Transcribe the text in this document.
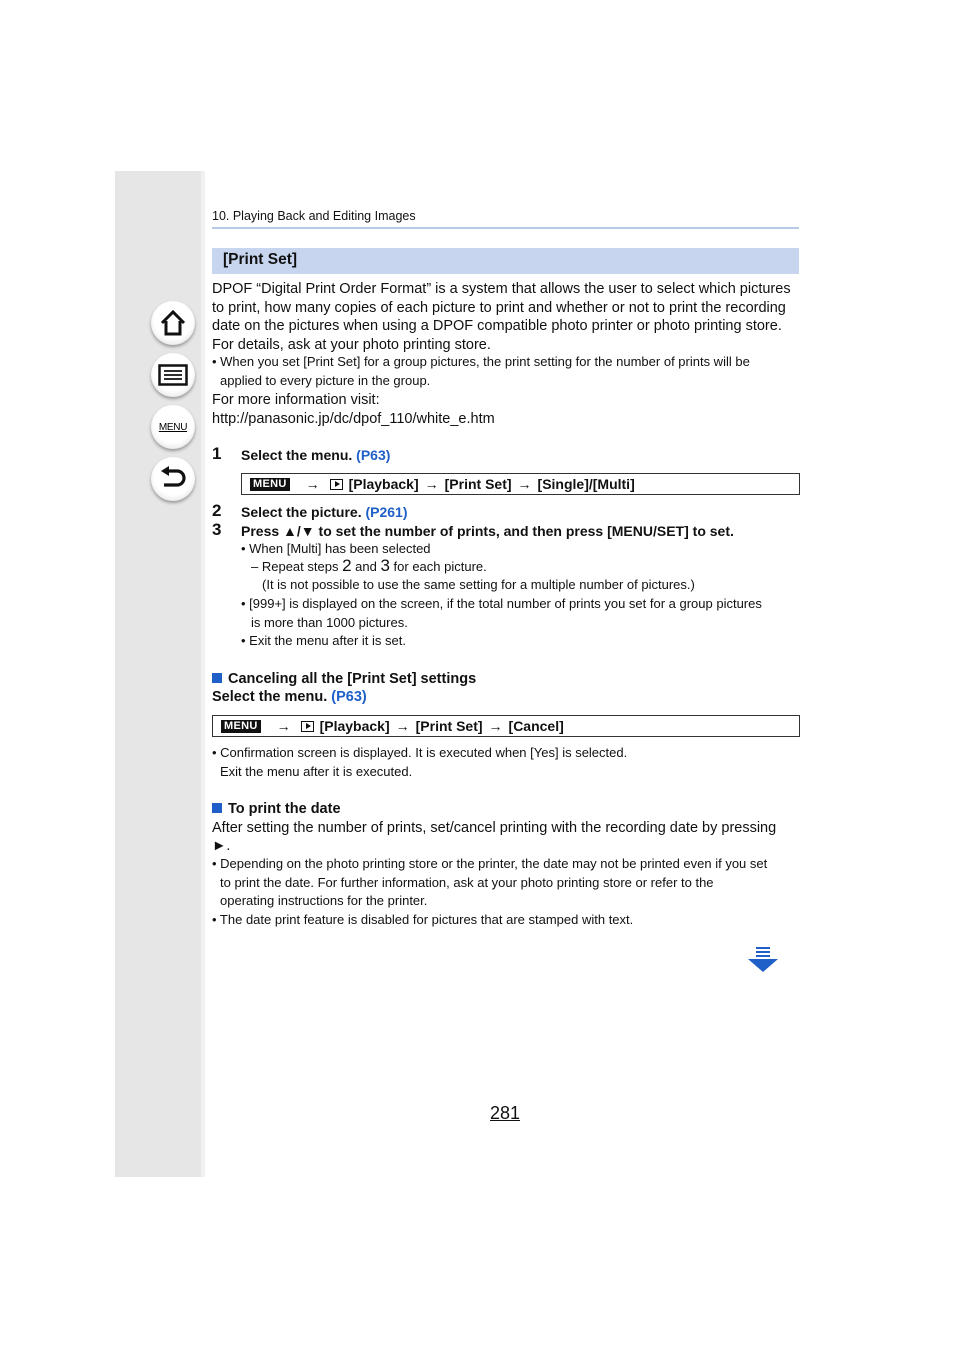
MENU
10. Playing Back and Editing Images
[Print Set]
DPOF “Digital Print Order Format” is a system that allows the user to select which pictures
to print, how many copies of each picture to print and whether or not to print the recording
date on the pictures when using a DPOF compatible photo printer or photo printing store.
For details, ask at your photo printing store.
• When you set [Print Set] for a group pictures, the print setting for the number of prints will be
applied to every picture in the group.
For more information visit:
http://panasonic.jp/dc/dpof_110/white_e.htm
1 Select the menu. (P63)
MENU → [Playback] → [Print Set] → [Single]/[Multi]
2 Select the picture. (P261)
3 Press ▲/▼ to set the number of prints, and then press [MENU/SET] to set.
• When [Multi] has been selected
– Repeat steps 2 and 3 for each picture.
(It is not possible to use the same setting for a multiple number of pictures.)
• [999+] is displayed on the screen, if the total number of prints you set for a group pictures
is more than 1000 pictures.
• Exit the menu after it is set.
Canceling all the [Print Set] settings
Select the menu. (P63)
MENU → [Playback] → [Print Set] → [Cancel]
• Confirmation screen is displayed. It is executed when [Yes] is selected.
Exit the menu after it is executed.
To print the date
After setting the number of prints, set/cancel printing with the recording date by pressing
►.
• Depending on the photo printing store or the printer, the date may not be printed even if you set
to print the date. For further information, ask at your photo printing store or refer to the
operating instructions for the printer.
• The date print feature is disabled for pictures that are stamped with text.
281
